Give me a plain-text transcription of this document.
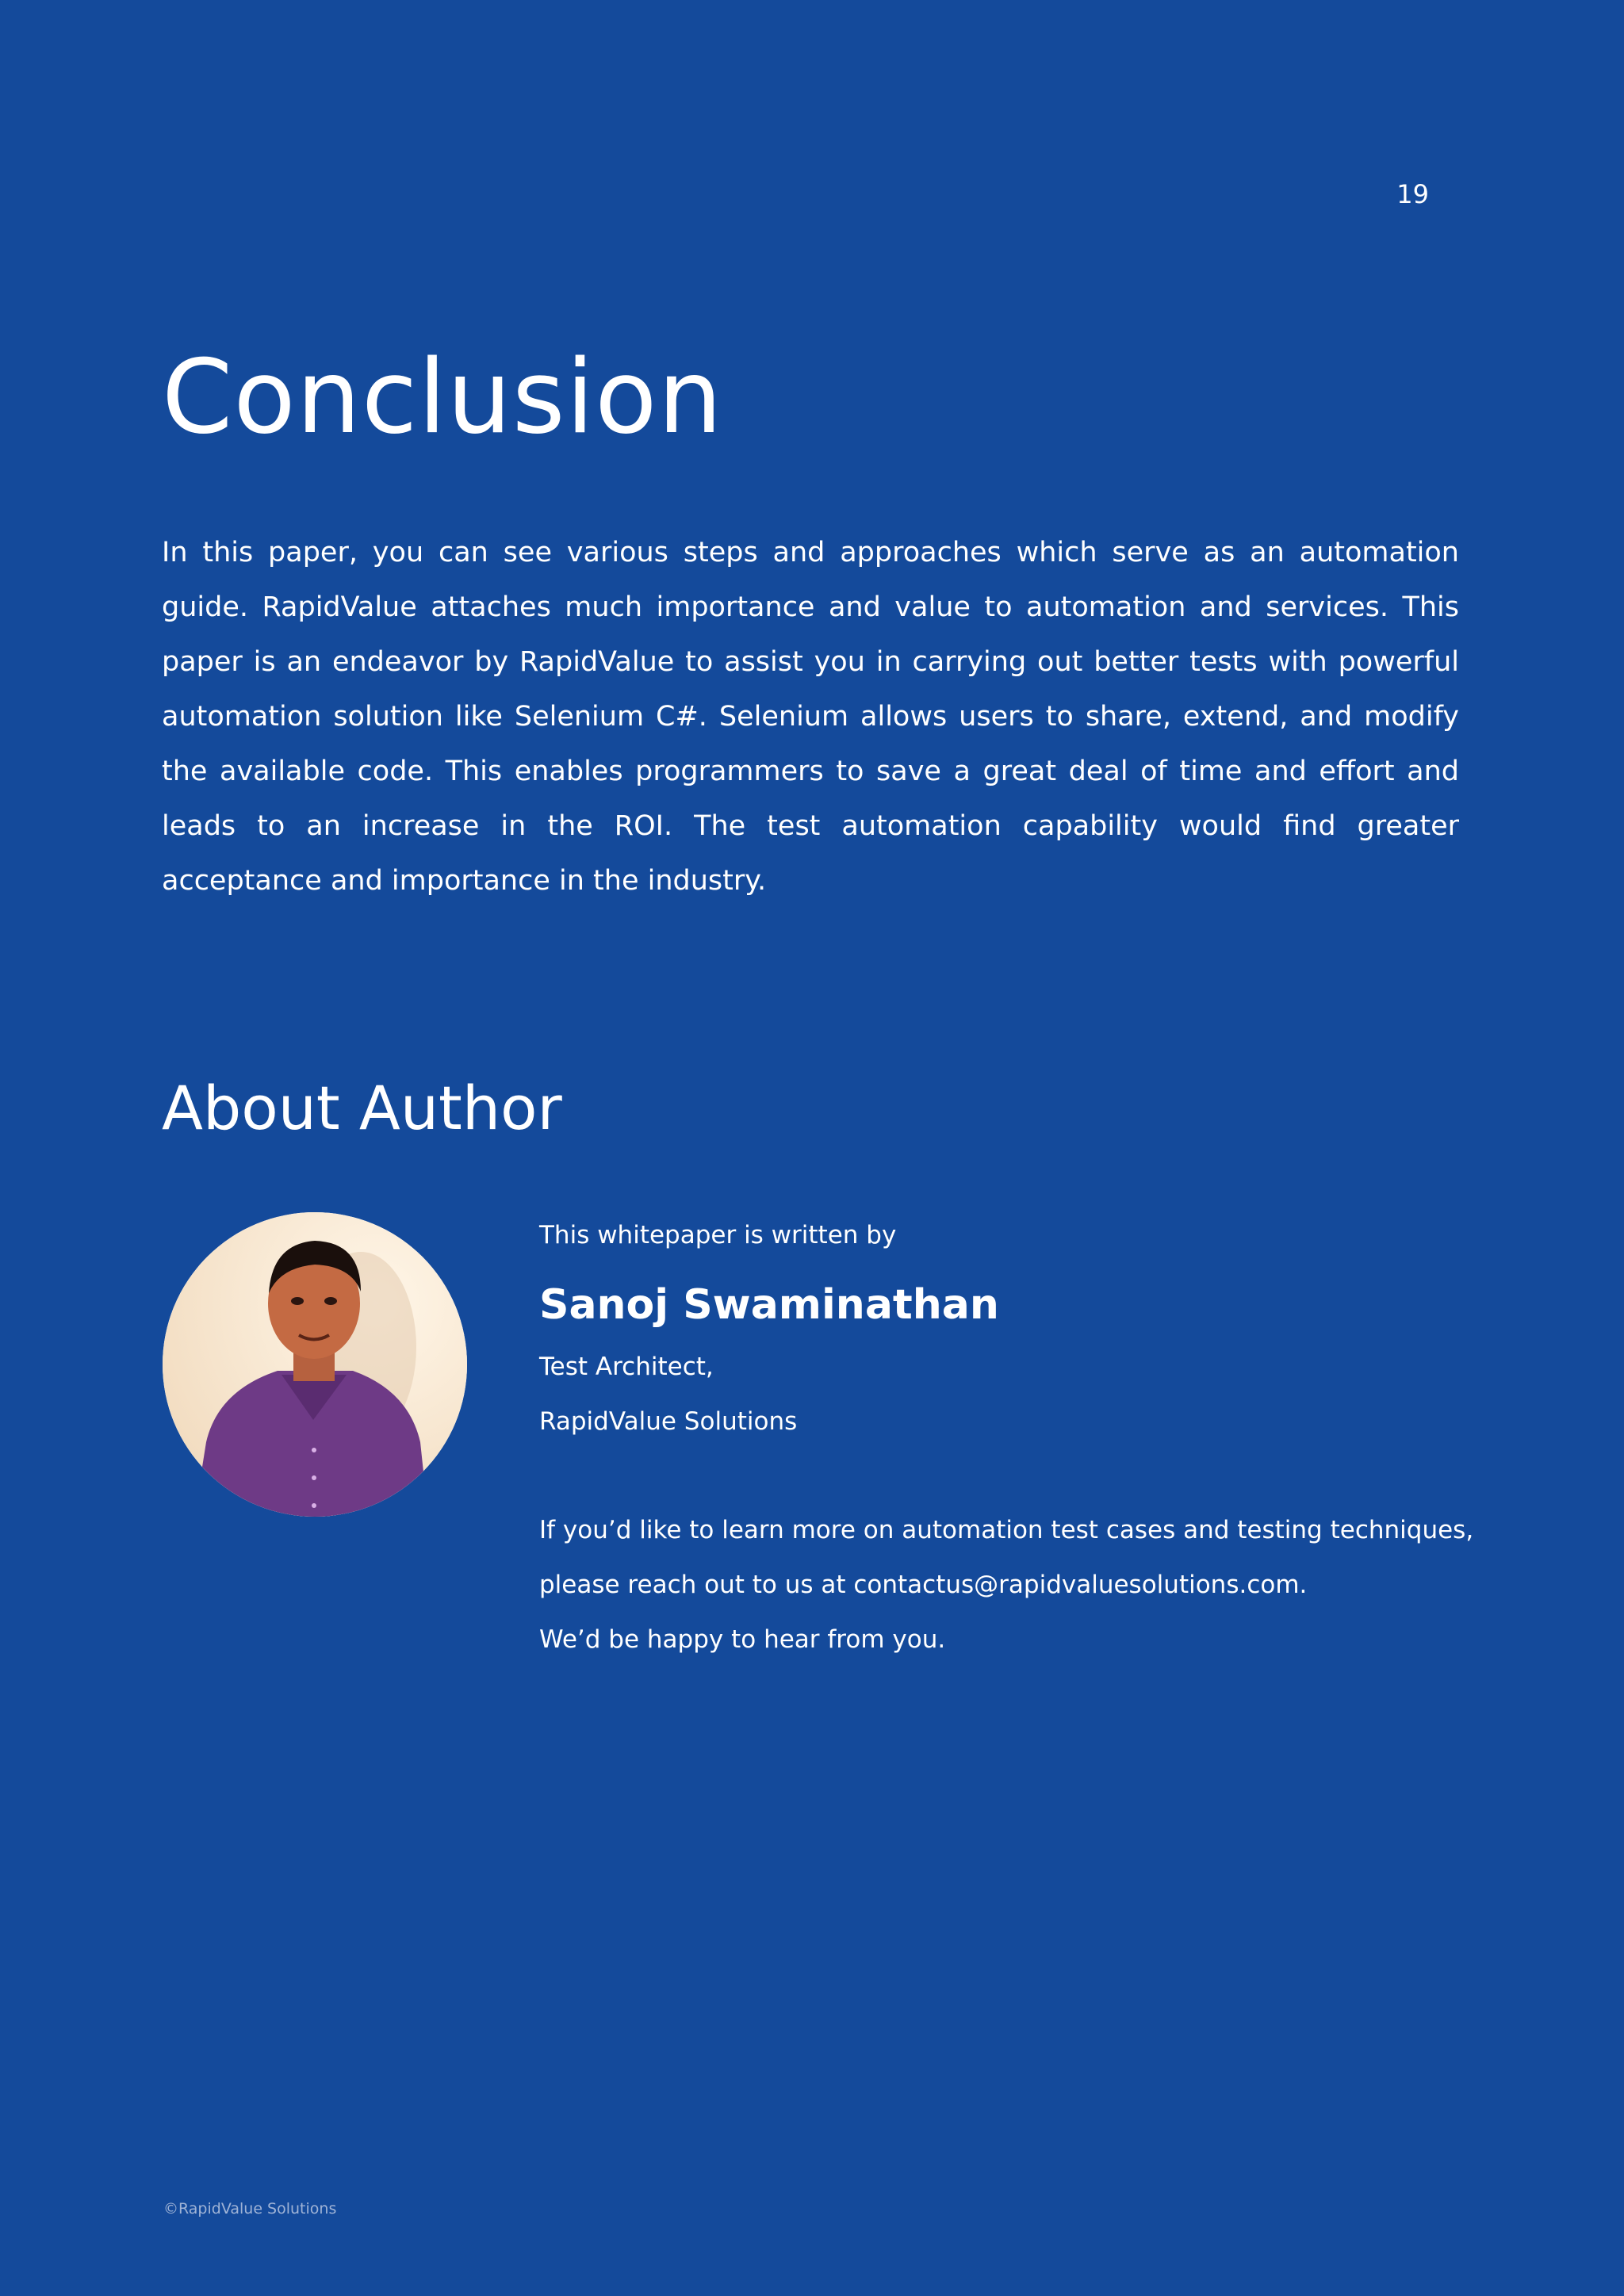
19
Conclusion

In this paper, you can see various steps and approaches which serve as an automation guide. RapidValue attaches much importance and value to automation and services. This paper is an endeavor by RapidValue to assist you in carrying out better tests with powerful automation solution like Selenium C#. Selenium allows users to share, extend, and modify the available code. This enables programmers to save a great deal of time and effort and leads to an increase in the ROI. The test automation capability would find greater acceptance and importance in the industry.

About Author

This whitepaper is written by

Sanoj Swaminathan

Test Architect,

RapidValue Solutions

If you’d like to learn more on automation test cases and testing techniques,

please reach out to us at contactus@rapidvaluesolutions.com.

We’d be happy to hear from you.

©RapidValue Solutions
